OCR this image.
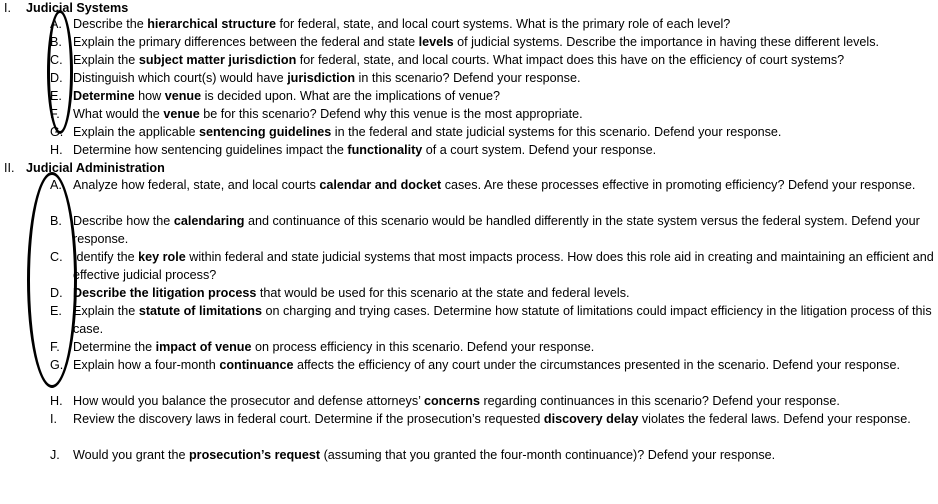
I.	Judicial Systems
A. Describe the hierarchical structure for federal, state, and local court systems. What is the primary role of each level?
B. Explain the primary differences between the federal and state levels of judicial systems. Describe the importance in having these different levels.
C. Explain the subject matter jurisdiction for federal, state, and local courts. What impact does this have on the efficiency of court systems?
D. Distinguish which court(s) would have jurisdiction in this scenario? Defend your response.
E. Determine how venue is decided upon. What are the implications of venue?
F.	What would the venue be for this scenario? Defend why this venue is the most appropriate.
G. Explain the applicable sentencing guidelines in the federal and state judicial systems for this scenario. Defend your response.
H. Determine how sentencing guidelines impact the functionality of a court system. Defend your response.
II. Judicial Administration
A. Analyze how federal, state, and local courts calendar and docket cases. Are these processes effective in promoting efficiency? Defend your response.
B. Describe how the calendaring and continuance of this scenario would be handled differently in the state system versus the federal system. Defend your response.
C. Identify the key role within federal and state judicial systems that most impacts process. How does this role aid in creating and maintaining an efficient and effective judicial process?
D. Describe the litigation process that would be used for this scenario at the state and federal levels.
E. Explain the statute of limitations on charging and trying cases. Determine how statute of limitations could impact efficiency in the litigation process of this case.
F.	Determine the impact of venue on process efficiency in this scenario. Defend your response.
G. Explain how a four-month continuance affects the efficiency of any court under the circumstances presented in the scenario. Defend your response.
H. How would you balance the prosecutor and defense attorneys’ concerns regarding continuances in this scenario? Defend your response.
I.	Review the discovery laws in federal court. Determine if the prosecution’s requested discovery delay violates the federal laws. Defend your response.
J.	Would you grant the prosecution’s request (assuming that you granted the four-month continuance)? Defend your response.
